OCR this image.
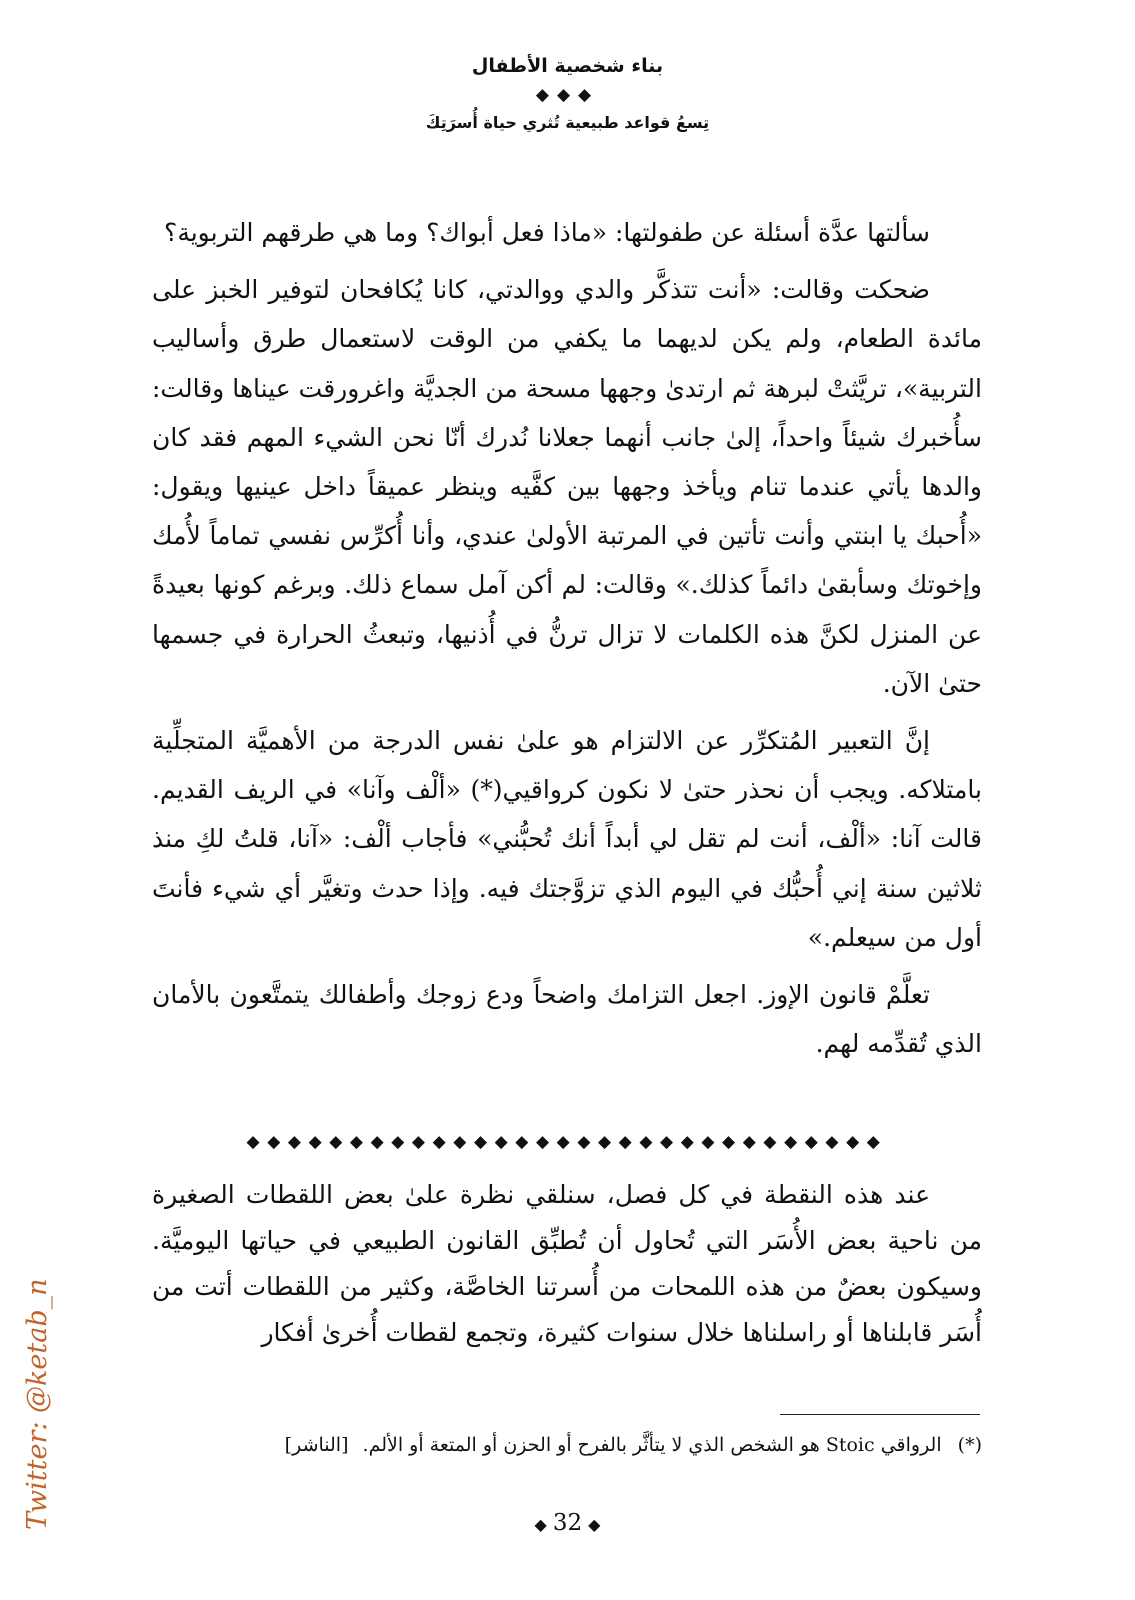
بناء شخصية الأطفال
◆◆◆
تِسعُ قواعد طبيعية تُثري حياة أُسرَتِكَ

سألتها عدَّة أسئلة عن طفولتها: «ماذا فعل أبواك؟ وما هي طرقهم التربوية؟

ضحكت وقالت: «أنت تتذكَّر والدي ووالدتي، كانا يُكافحان لتوفير الخبز على مائدة الطعام، ولم يكن لديهما ما يكفي من الوقت لاستعمال طرق وأساليب التربية»، تريَّثتْ لبرهة ثم ارتدىٰ وجهها مسحة من الجديَّة واغرورقت عيناها وقالت: سأُخبرك شيئاً واحداً، إلىٰ جانب أنهما جعلانا نُدرك أنّا نحن الشيء المهم فقد كان والدها يأتي عندما تنام ويأخذ وجهها بين كفَّيه وينظر عميقاً داخل عينيها ويقول: «أُحبك يا ابنتي وأنت تأتين في المرتبة الأولىٰ عندي، وأنا أُكرِّس نفسي تماماً لأُمك وإخوتك وسأبقىٰ دائماً كذلك.» وقالت: لم أكن آمل سماع ذلك. وبرغم كونها بعيدةً عن المنزل لكنَّ هذه الكلمات لا تزال ترنُّ في أُذنيها، وتبعثُ الحرارة في جسمها حتىٰ الآن.

إنَّ التعبير المُتكرِّر عن الالتزام هو علىٰ نفس الدرجة من الأهميَّة المتجلِّية بامتلاكه. ويجب أن نحذر حتىٰ لا نكون كرواقيي(*) «ألْف وآنا» في الريف القديم. قالت آنا: «ألْف، أنت لم تقل لي أبداً أنك تُحبُّني» فأجاب ألْف: «آنا، قلتُ لكِ منذ ثلاثين سنة إني أُحبُّك في اليوم الذي تزوَّجتك فيه. وإذا حدث وتغيَّر أي شيء فأنتَ أول من سيعلم.»

تعلَّمْ قانون الإوز. اجعل التزامك واضحاً ودع زوجك وأطفالك يتمتَّعون بالأمان الذي تُقدِّمه لهم.

◆◆◆◆◆◆◆◆◆◆◆◆◆◆◆◆◆◆◆◆◆◆◆◆◆◆◆◆◆◆◆

عند هذه النقطة في كل فصل، سنلقي نظرة علىٰ بعض اللقطات الصغيرة من ناحية بعض الأُسَر التي تُحاول أن تُطبِّق القانون الطبيعي في حياتها اليوميَّة. وسيكون بعضٌ من هذه اللمحات من أُسرتنا الخاصَّة، وكثير من اللقطات أتت من أُسَر قابلناها أو راسلناها خلال سنوات كثيرة، وتجمع لقطات أُخرىٰ أفكار

(*) الرواقي Stoic هو الشخص الذي لا يتأثَّر بالفرح أو الحزن أو المتعة أو الألم. [الناشر]
◆ 32 ◆
Twitter: @ketab_n
